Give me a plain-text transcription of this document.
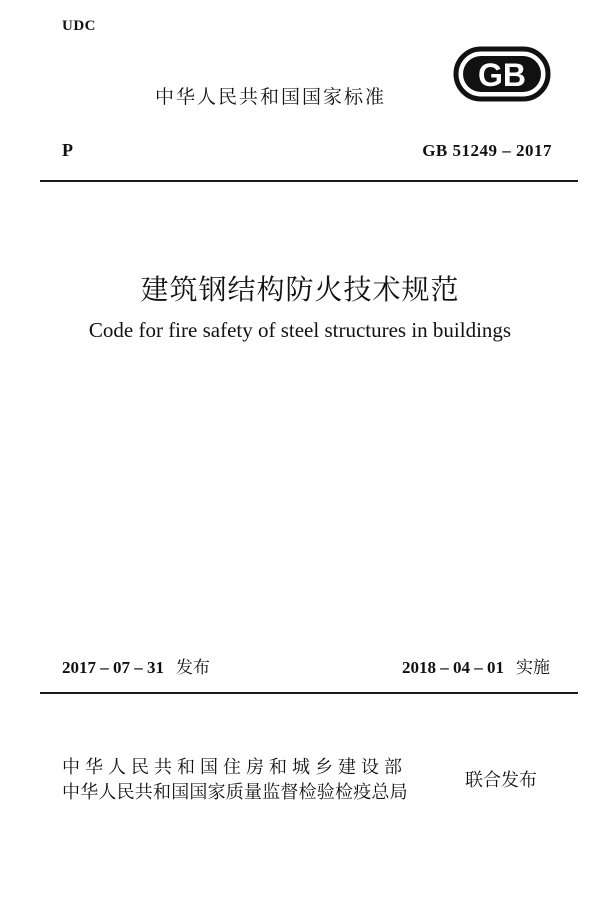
UDC
中华人民共和国国家标准
GB
P	GB 51249 – 2017
建筑钢结构防火技术规范
Code for fire safety of steel structures in buildings
2017 – 07 – 31 发布	2018 – 04 – 01 实施
中华人民共和国住房和城乡建设部
中华人民共和国国家质量监督检验检疫总局
联合发布
